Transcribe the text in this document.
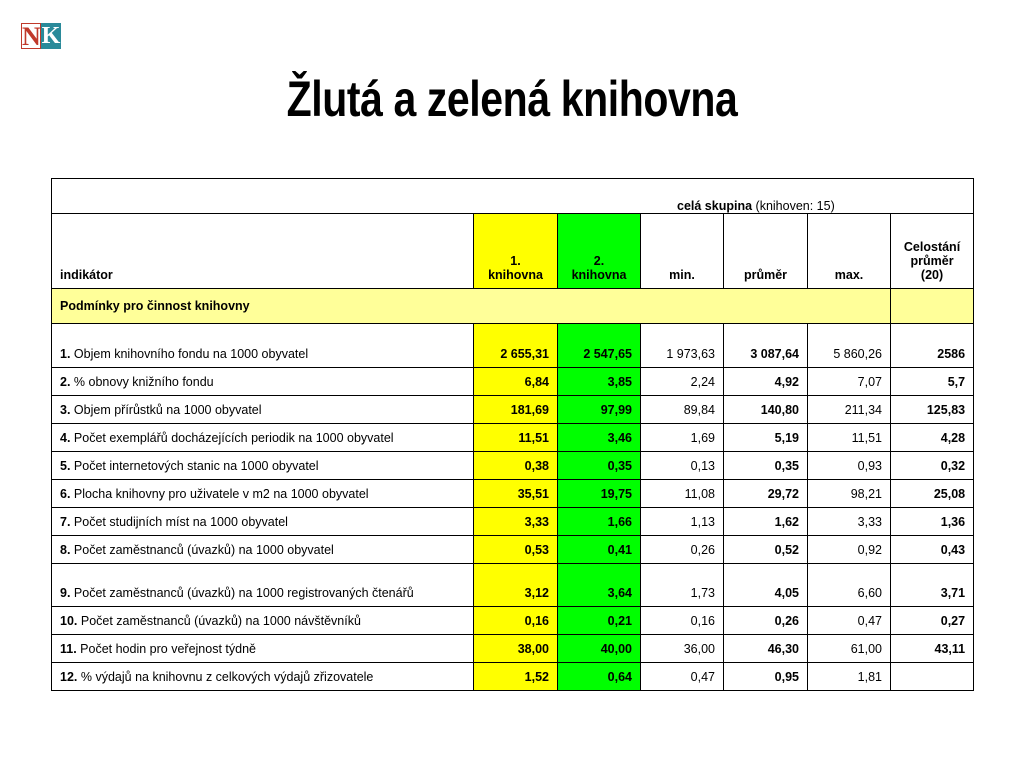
N K
Žlutá a zelená knihovna
celá skupina (knihoven: 15)						
indikátor	1. knihovna	2. knihovna	min.	průměr	max.	Celostání průměr (20)
Podmínky pro činnost knihovny						
1. Objem knihovního fondu na 1000 obyvatel	2 655,31	2 547,65	1 973,63	3 087,64	5 860,26	2586
2. % obnovy knižního fondu	6,84	3,85	2,24	4,92	7,07	5,7
3. Objem přírůstků na 1000 obyvatel	181,69	97,99	89,84	140,80	211,34	125,83
4. Počet exemplářů docházejících periodik na 1000 obyvatel	11,51	3,46	1,69	5,19	11,51	4,28
5. Počet internetových stanic na 1000 obyvatel	0,38	0,35	0,13	0,35	0,93	0,32
6. Plocha knihovny pro uživatele v m2 na 1000 obyvatel	35,51	19,75	11,08	29,72	98,21	25,08
7. Počet studijních míst na 1000 obyvatel	3,33	1,66	1,13	1,62	3,33	1,36
8. Počet zaměstnanců (úvazků) na 1000 obyvatel	0,53	0,41	0,26	0,52	0,92	0,43
9. Počet zaměstnanců (úvazků) na 1000 registrovaných čtenářů	3,12	3,64	1,73	4,05	6,60	3,71
10. Počet zaměstnanců (úvazků) na 1000 návštěvníků	0,16	0,21	0,16	0,26	0,47	0,27
11. Počet hodin pro veřejnost týdně	38,00	40,00	36,00	46,30	61,00	43,11
12. % výdajů na knihovnu z celkových výdajů zřizovatele	1,52	0,64	0,47	0,95	1,81	
